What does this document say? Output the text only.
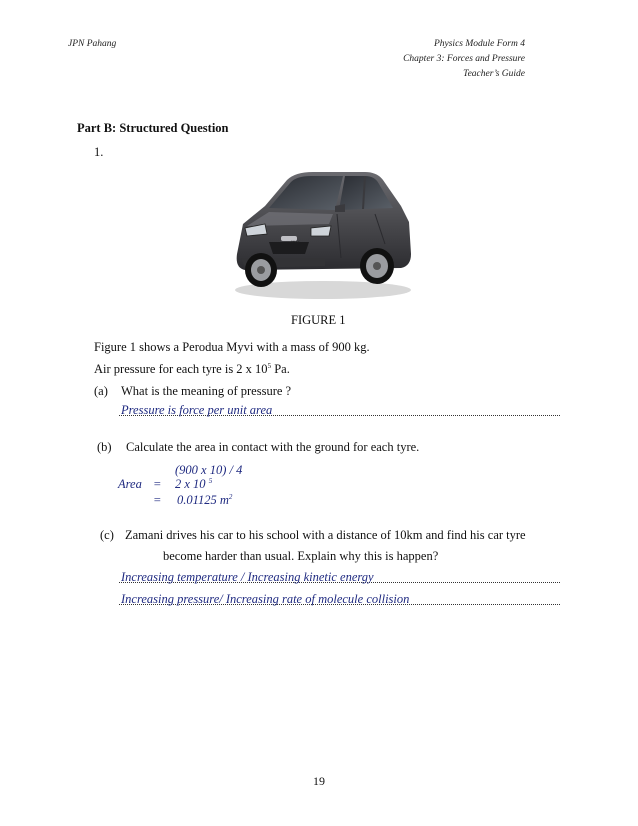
JPN Pahang	Physics Module Form 4
Chapter 3: Forces and Pressure
Teacher’s Guide
Part B: Structured Question
1.
Myvi
FIGURE 1
Figure 1 shows a Perodua Myvi with a mass of 900 kg.
Air pressure for each tyre is 2 x $10^5$ Pa.
(a) What is the meaning of pressure ?
Pressure is force per unit area
(b) Calculate the area in contact with the ground for each tyre.
(900 x 10) / 4
Area = 2 x 10 $^5$
= 0.01125 $m^2$
(c) Zamani drives his car to his school with a distance of 10km and find his car tyre
become harder than usual. Explain why this is happen?
Increasing temperature / Increasing kinetic energy
Increasing pressure/ Increasing rate of molecule collision
19
